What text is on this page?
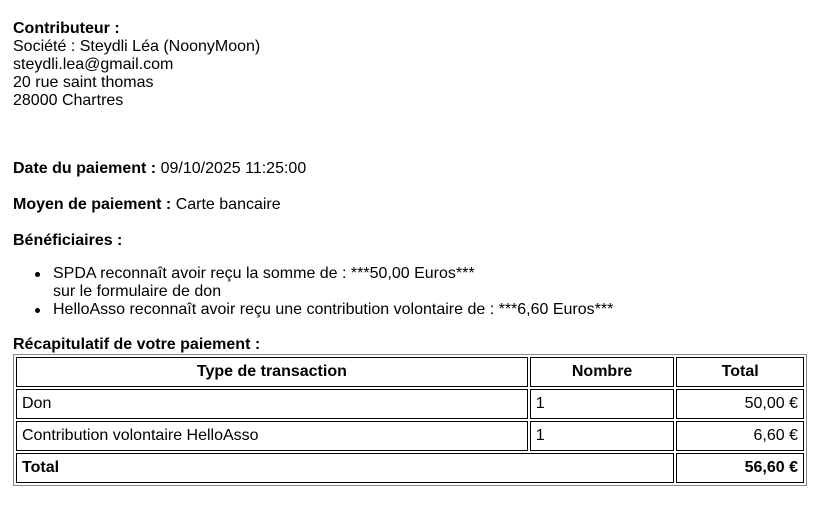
Contributeur :
Société : Steydli Léa (NoonyMoon)
steydli.lea@gmail.com
20 rue saint thomas
28000 Chartres
Date du paiement : 09/10/2025 11:25:00
Moyen de paiement : Carte bancaire
Bénéficiaires :
SPDA reconnaît avoir reçu la somme de : ***50,00 Euros***
sur le formulaire de don
HelloAsso reconnaît avoir reçu une contribution volontaire de : ***6,60 Euros***
Récapitulatif de votre paiement :
Type de transaction	Nombre	Total
Don	1	50,00 €
Contribution volontaire HelloAsso	1	6,60 €
Total		56,60 €
